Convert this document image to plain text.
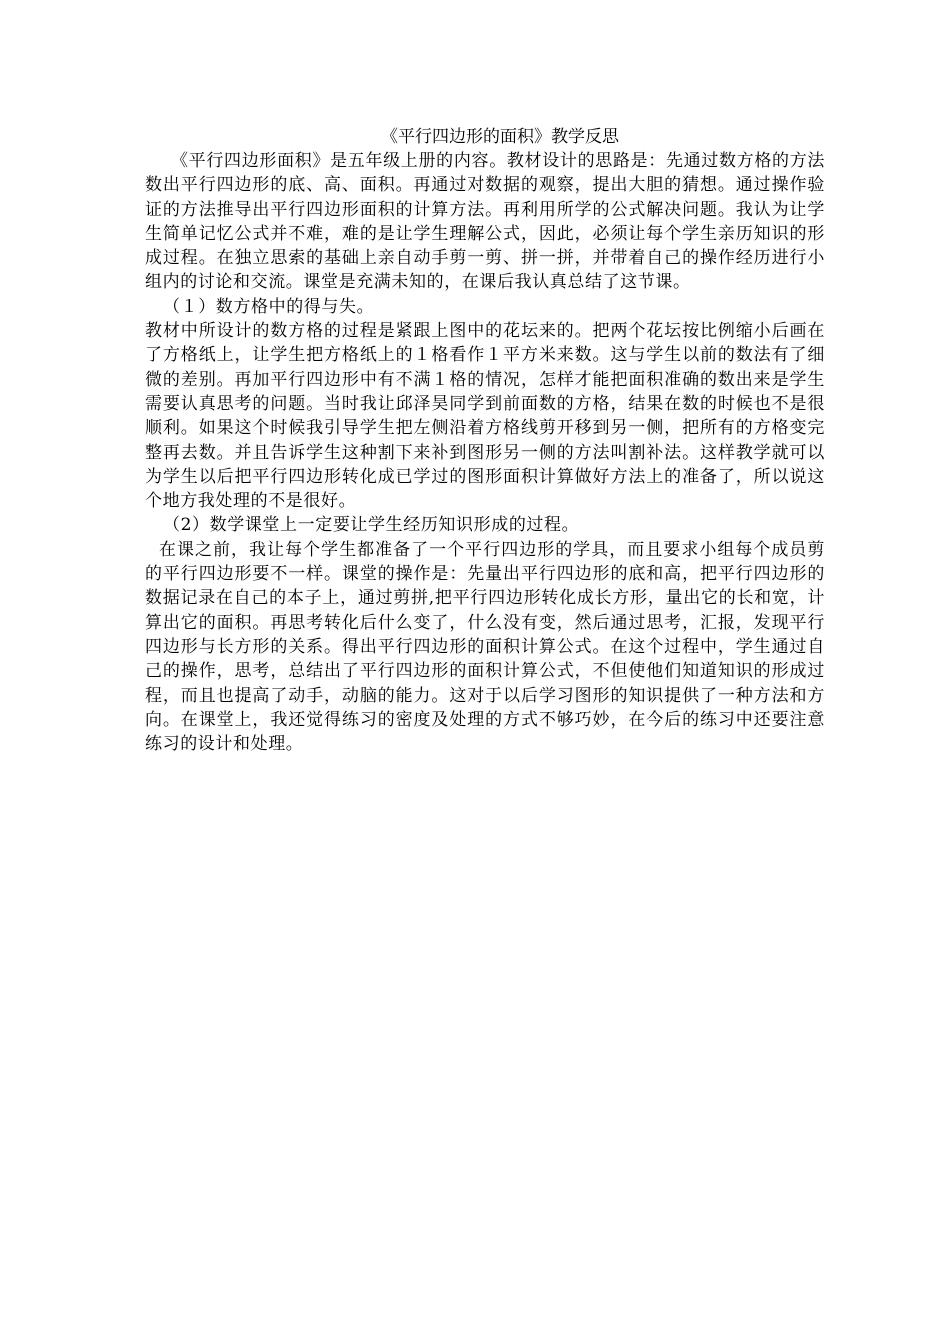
《平行四边形的面积》教学反思

《平行四边形面积》是五年级上册的内容。教材设计的思路是：先通过数方格的方法数出平行四边形的底、高、面积。再通过对数据的观察，提出大胆的猜想。通过操作验证的方法推导出平行四边形面积的计算方法。再利用所学的公式解决问题。我认为让学生简单记忆公式并不难，难的是让学生理解公式，因此，必须让每个学生亲历知识的形成过程。在独立思索的基础上亲自动手剪一剪、拼一拼，并带着自己的操作经历进行小组内的讨论和交流。课堂是充满未知的，在课后我认真总结了这节课。

（１）数方格中的得与失。

教材中所设计的数方格的过程是紧跟上图中的花坛来的。把两个花坛按比例缩小后画在了方格纸上，让学生把方格纸上的１格看作１平方米来数。这与学生以前的数法有了细微的差别。再加平行四边形中有不满１格的情况，怎样才能把面积准确的数出来是学生需要认真思考的问题。当时我让邱泽昊同学到前面数的方格，结果在数的时候也不是很顺利。如果这个时候我引导学生把左侧沿着方格线剪开移到另一侧，把所有的方格变完整再去数。并且告诉学生这种割下来补到图形另一侧的方法叫割补法。这样教学就可以为学生以后把平行四边形转化成已学过的图形面积计算做好方法上的准备了，所以说这个地方我处理的不是很好。

（2）数学课堂上一定要让学生经历知识形成的过程。

在课之前，我让每个学生都准备了一个平行四边形的学具，而且要求小组每个成员剪的平行四边形要不一样。课堂的操作是：先量出平行四边形的底和高，把平行四边形的数据记录在自己的本子上，通过剪拼,把平行四边形转化成长方形，量出它的长和宽，计算出它的面积。再思考转化后什么变了，什么没有变，然后通过思考，汇报，发现平行四边形与长方形的关系。得出平行四边形的面积计算公式。在这个过程中，学生通过自己的操作，思考，总结出了平行四边形的面积计算公式，不但使他们知道知识的形成过程，而且也提高了动手，动脑的能力。这对于以后学习图形的知识提供了一种方法和方向。在课堂上，我还觉得练习的密度及处理的方式不够巧妙，在今后的练习中还要注意练习的设计和处理。
